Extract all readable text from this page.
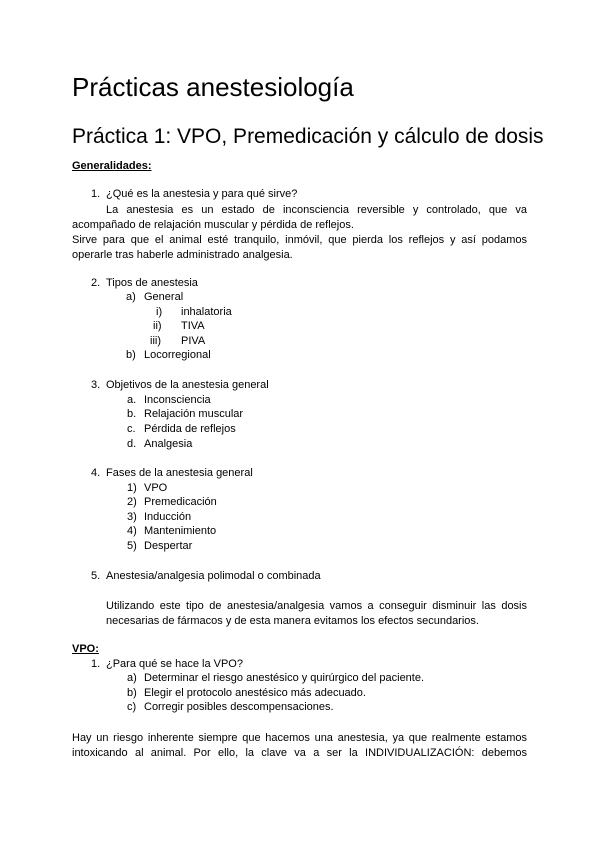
Prácticas anestesiología
Práctica 1: VPO, Premedicación y cálculo de dosis
Generalidades:
1. ¿Qué es la anestesia y para qué sirve?
La anestesia es un estado de inconsciencia reversible y controlado, que va
acompañado de relajación muscular y pérdida de reflejos.
Sirve para que el animal esté tranquilo, inmóvil, que pierda los reflejos y así podamos
operarle tras haberle administrado analgesia.
2. Tipos de anestesia
a) General
i) inhalatoria
ii) TIVA
iii) PIVA
b) Locorregional
3. Objetivos de la anestesia general
a. Inconsciencia
b. Relajación muscular
c. Pérdida de reflejos
d. Analgesia
4. Fases de la anestesia general
1) VPO
2) Premedicación
3) Inducción
4) Mantenimiento
5) Despertar
5. Anestesia/analgesia polimodal o combinada
Utilizando este tipo de anestesia/analgesia vamos a conseguir disminuir las dosis
necesarias de fármacos y de esta manera evitamos los efectos secundarios.
VPO:
1. ¿Para qué se hace la VPO?
a) Determinar el riesgo anestésico y quirúrgico del paciente.
b) Elegir el protocolo anestésico más adecuado.
c) Corregir posibles descompensaciones.
Hay un riesgo inherente siempre que hacemos una anestesia, ya que realmente estamos
intoxicando al animal. Por ello, la clave va a ser la INDIVIDUALIZACIÓN: debemos
